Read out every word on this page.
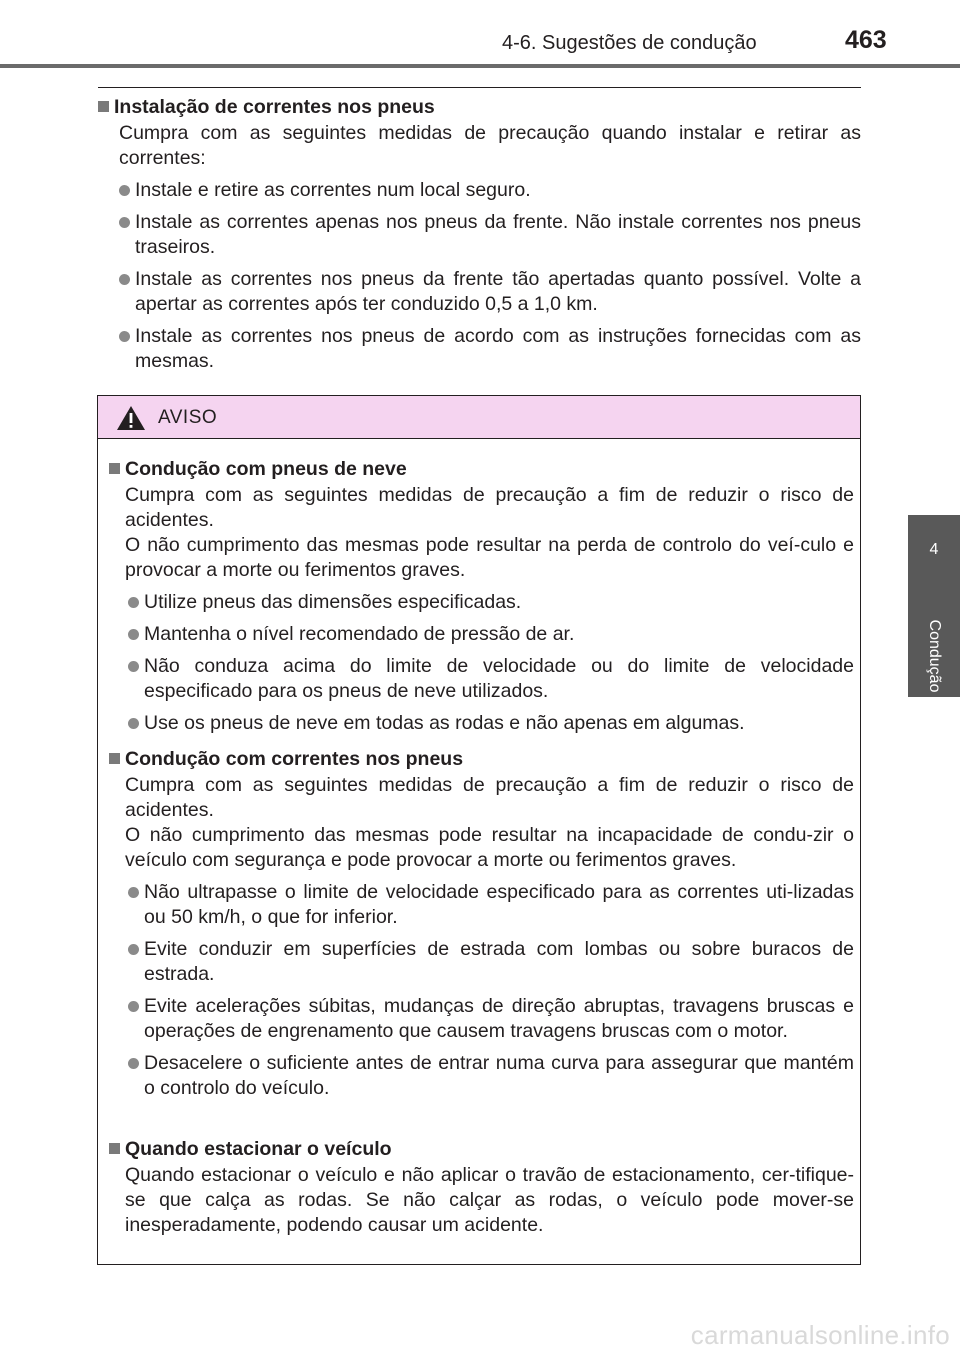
4-6. Sugestões de condução	463
4
Condução
Instalação de correntes nos pneus
Cumpra com as seguintes medidas de precaução quando instalar e retirar as correntes:
Instale e retire as correntes num local seguro.
Instale as correntes apenas nos pneus da frente. Não instale correntes nos pneus traseiros.
Instale as correntes nos pneus da frente tão apertadas quanto possível. Volte a apertar as correntes após ter conduzido 0,5 a 1,0 km.
Instale as correntes nos pneus de acordo com as instruções fornecidas com as mesmas.
AVISO
Condução com pneus de neve
Cumpra com as seguintes medidas de precaução a fim de reduzir o risco de acidentes.
O não cumprimento das mesmas pode resultar na perda de controlo do veí-culo e provocar a morte ou ferimentos graves.
Utilize pneus das dimensões especificadas.
Mantenha o nível recomendado de pressão de ar.
Não conduza acima do limite de velocidade ou do limite de velocidade especificado para os pneus de neve utilizados.
Use os pneus de neve em todas as rodas e não apenas em algumas.
Condução com correntes nos pneus
Cumpra com as seguintes medidas de precaução a fim de reduzir o risco de acidentes.
O não cumprimento das mesmas pode resultar na incapacidade de condu-zir o veículo com segurança e pode provocar a morte ou ferimentos graves.
Não ultrapasse o limite de velocidade especificado para as correntes uti-lizadas ou 50 km/h, o que for inferior.
Evite conduzir em superfícies de estrada com lombas ou sobre buracos de estrada.
Evite acelerações súbitas, mudanças de direção abruptas, travagens bruscas e operações de engrenamento que causem travagens bruscas com o motor.
Desacelere o suficiente antes de entrar numa curva para assegurar que mantém o controlo do veículo.
Quando estacionar o veículo
Quando estacionar o veículo e não aplicar o travão de estacionamento, cer-tifique-se que calça as rodas. Se não calçar as rodas, o veículo pode mover-se inesperadamente, podendo causar um acidente.
carmanualsonline.info
